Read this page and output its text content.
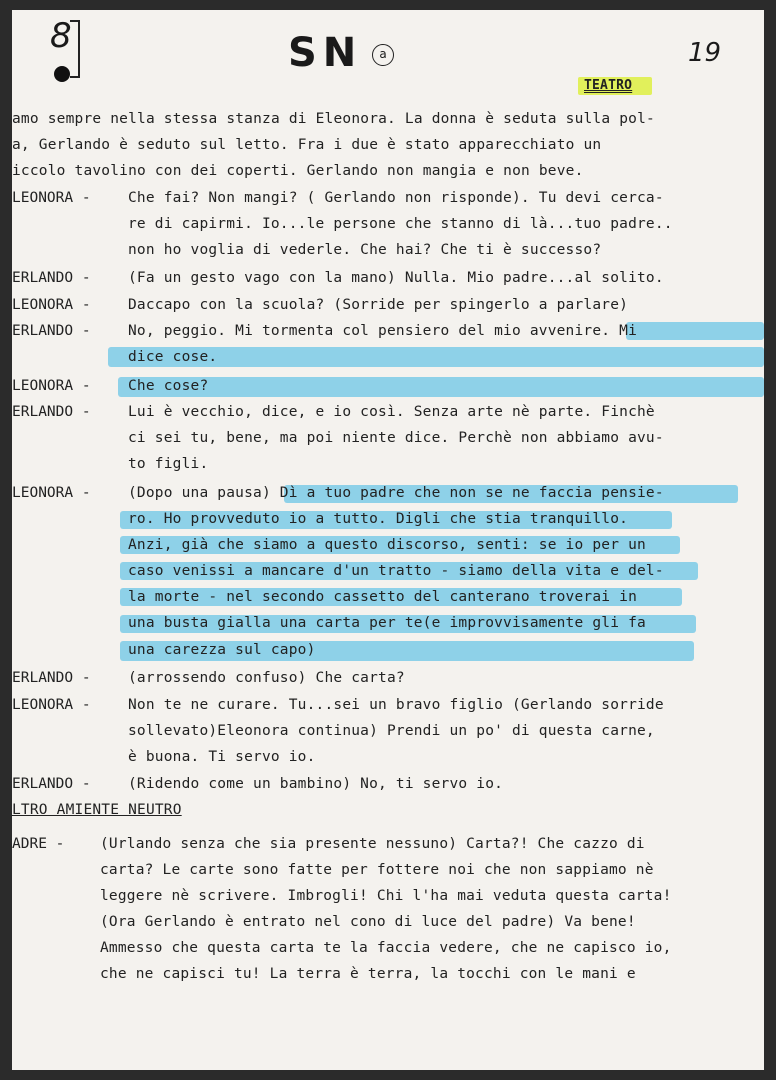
8	SN	a	19
TEATRO
amo sempre nella stessa stanza di Eleonora. La donna è seduta sulla pol-
a, Gerlando è seduto sul letto. Fra i due è stato apparecchiato un
iccolo tavolino con dei coperti. Gerlando non mangia e non beve.
LEONORA -	Che fai? Non mangi? ( Gerlando non risponde). Tu devi cerca-
re di capirmi. Io...le persone che stanno di là...tuo padre..
non ho voglia di vederle. Che hai? Che ti è successo?
ERLANDO -	(Fa un gesto vago con la mano) Nulla. Mio padre...al solito.
LEONORA -	Daccapo con la scuola? (Sorride per spingerlo a parlare)
ERLANDO -	No, peggio. Mi tormenta col pensiero del mio avvenire. Mi
dice cose.
LEONORA -	Che cose?
ERLANDO -	Lui è vecchio, dice, e io così. Senza arte nè parte. Finchè
ci sei tu, bene, ma poi niente dice. Perchè non abbiamo avu-
to figli.
LEONORA -	(Dopo una pausa) Dì a tuo padre che non se ne faccia pensie-
ro. Ho provveduto io a tutto. Digli che stia tranquillo.
Anzi, già che siamo a questo discorso, senti: se io per un
caso venissi a mancare d'un tratto - siamo della vita e del-
la morte - nel secondo cassetto del canterano troverai in
una busta gialla una carta per te(e improvvisamente gli fa
una carezza sul capo)
ERLANDO -	(arrossendo confuso) Che carta?
LEONORA -	Non te ne curare. Tu...sei un bravo figlio (Gerlando sorride
sollevato)Eleonora continua) Prendi un po' di questa carne,
è buona. Ti servo io.
ERLANDO -	(Ridendo come un bambino) No, ti servo io.
LTRO AMIENTE NEUTRO
ADRE - (Urlando senza che sia presente nessuno) Carta?! Che cazzo di
carta? Le carte sono fatte per fottere noi che non sappiamo nè
leggere nè scrivere. Imbrogli! Chi l'ha mai veduta questa carta!
(Ora Gerlando è entrato nel cono di luce del padre) Va bene!
Ammesso che questa carta te la faccia vedere, che ne capisco io,
che ne capisci tu! La terra è terra, la tocchi con le mani e
